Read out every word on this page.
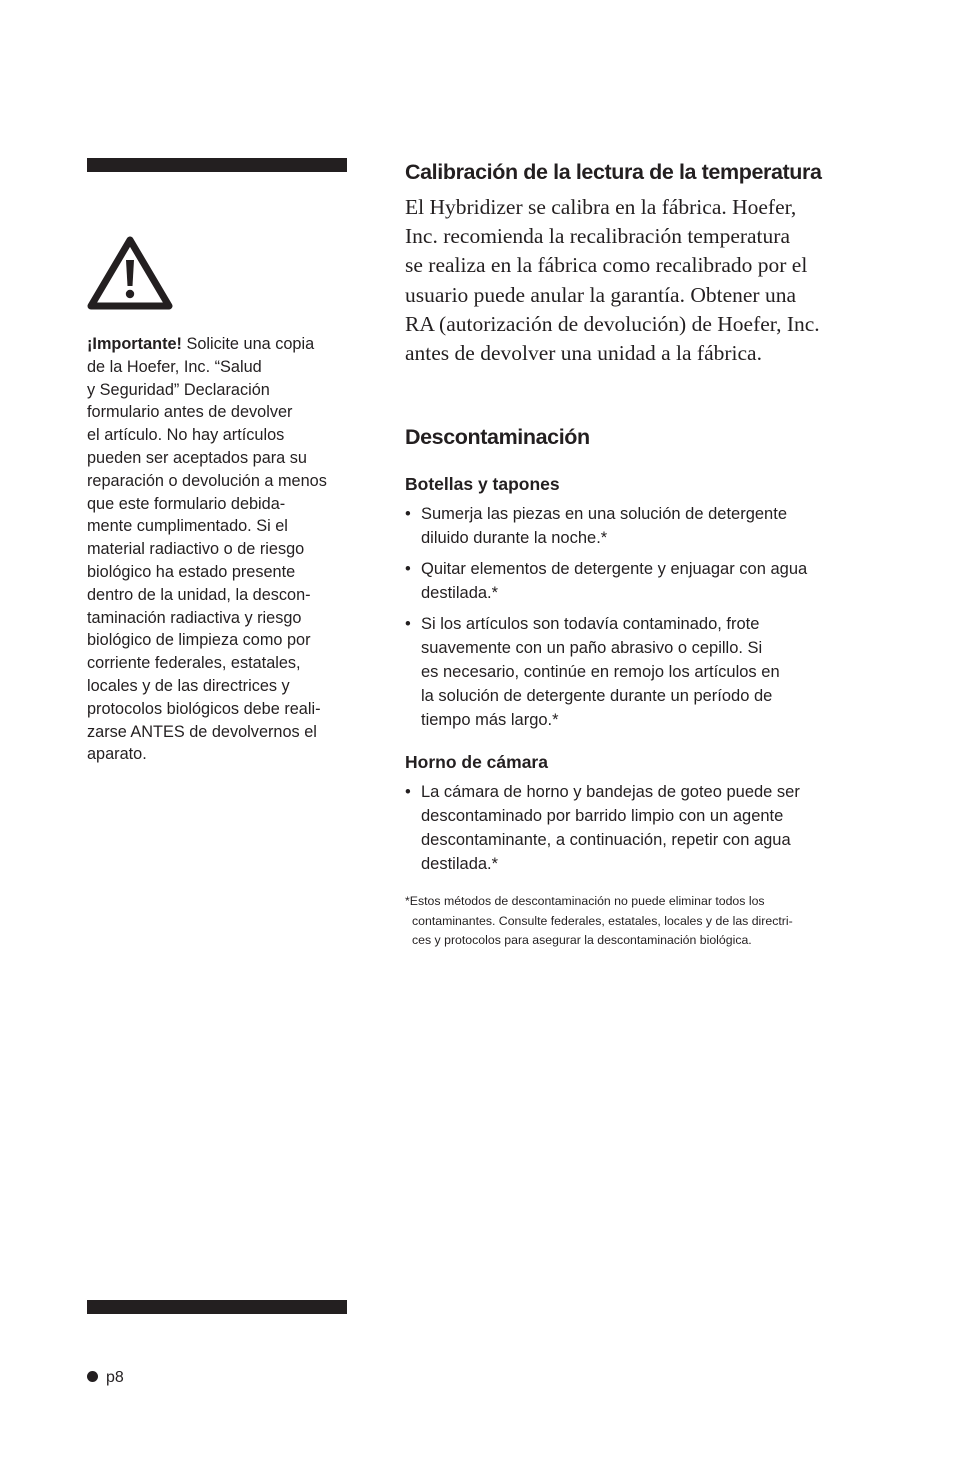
¡Importante! Solicite una copia
de la Hoefer, Inc. “Salud
y Seguridad” Declaración
formulario antes de devolver
el artículo. No hay artículos
pueden ser aceptados para su
reparación o devolución a menos
que este formulario debida-
mente cumplimentado. Si el
material radiactivo o de riesgo
biológico ha estado presente
dentro de la unidad, la descon-
taminación radiactiva y riesgo
biológico de limpieza como por
corriente federales, estatales,
locales y de las directrices y
protocolos biológicos debe reali-
zarse ANTES de devolvernos el
aparato.

Calibración de la lectura de la temperatura

El Hybridizer se calibra en la fábrica. Hoefer,
Inc. recomienda la recalibración temperatura
se realiza en la fábrica como recalibrado por el
usuario puede anular la garantía. Obtener una
RA (autorización de devolución) de Hoefer, Inc.
antes de devolver una unidad a la fábrica.

Descontaminación
Botellas y tapones
• Sumerja las piezas en una solución de detergente
diluido durante la noche.*
• Quitar elementos de detergente y enjuagar con agua
destilada.*
• Si los artículos son todavía contaminado, frote
suavemente con un paño abrasivo o cepillo. Si
es necesario, continúe en remojo los artículos en
la solución de detergente durante un período de
tiempo más largo.*
Horno de cámara
• La cámara de horno y bandejas de goteo puede ser
descontaminado por barrido limpio con un agente
descontaminante, a continuación, repetir con agua
destilada.*

*Estos métodos de descontaminación no puede eliminar todos los
contaminantes. Consulte federales, estatales, locales y de las directri-
ces y protocolos para asegurar la descontaminación biológica.

p8
